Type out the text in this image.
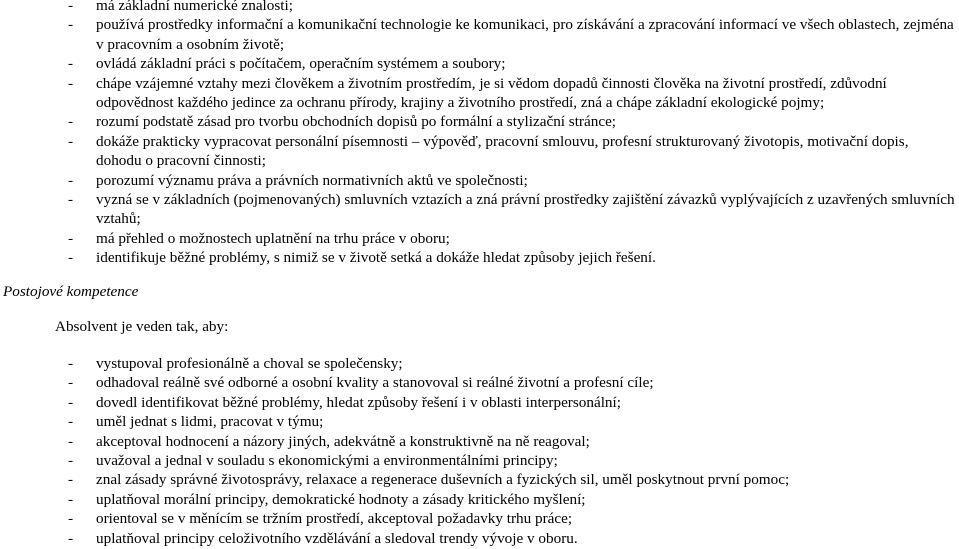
- má základní numerické znalosti;
- používá prostředky informační a komunikační technologie ke komunikaci, pro získávání a zpracování informací ve všech oblastech, zejména v pracovním a osobním životě;
- ovládá základní práci s počítačem, operačním systémem a soubory;
- chápe vzájemné vztahy mezi člověkem a životním prostředím, je si vědom dopadů činnosti člověka na životní prostředí, zdůvodní odpovědnost každého jedince za ochranu přírody, krajiny a životního prostředí, zná a chápe základní ekologické pojmy;
- rozumí podstatě zásad pro tvorbu obchodních dopisů po formální a stylizační stránce;
- dokáže prakticky vypracovat personální písemnosti – výpověď, pracovní smlouvu, profesní strukturovaný životopis, motivační dopis, dohodu o pracovní činnosti;
- porozumí významu práva a právních normativních aktů ve společnosti;
- vyzná se v základních (pojmenovaných) smluvních vztazích a zná právní prostředky zajištění závazků vyplývajících z uzavřených smluvních vztahů;
- má přehled o možnostech uplatnění na trhu práce v oboru;
- identifikuje běžné problémy, s nimiž se v životě setká a dokáže hledat způsoby jejich řešení.
Postojové kompetence
Absolvent je veden tak, aby:
- vystupoval profesionálně a choval se společensky;
- odhadoval reálně své odborné a osobní kvality a stanovoval si reálné životní a profesní cíle;
- dovedl identifikovat běžné problémy, hledat způsoby řešení i v oblasti interpersonální;
- uměl jednat s lidmi, pracovat v týmu;
- akceptoval hodnocení a názory jiných, adekvátně a konstruktivně na ně reagoval;
- uvažoval a jednal v souladu s ekonomickými a environmentálními principy;
- znal zásady správné životosprávy, relaxace a regenerace duševních a fyzických sil, uměl poskytnout první pomoc;
- uplatňoval morální principy, demokratické hodnoty a zásady kritického myšlení;
- orientoval se v měnícím se tržním prostředí, akceptoval požadavky trhu práce;
- uplatňoval principy celoživotního vzdělávání a sledoval trendy vývoje v oboru.
